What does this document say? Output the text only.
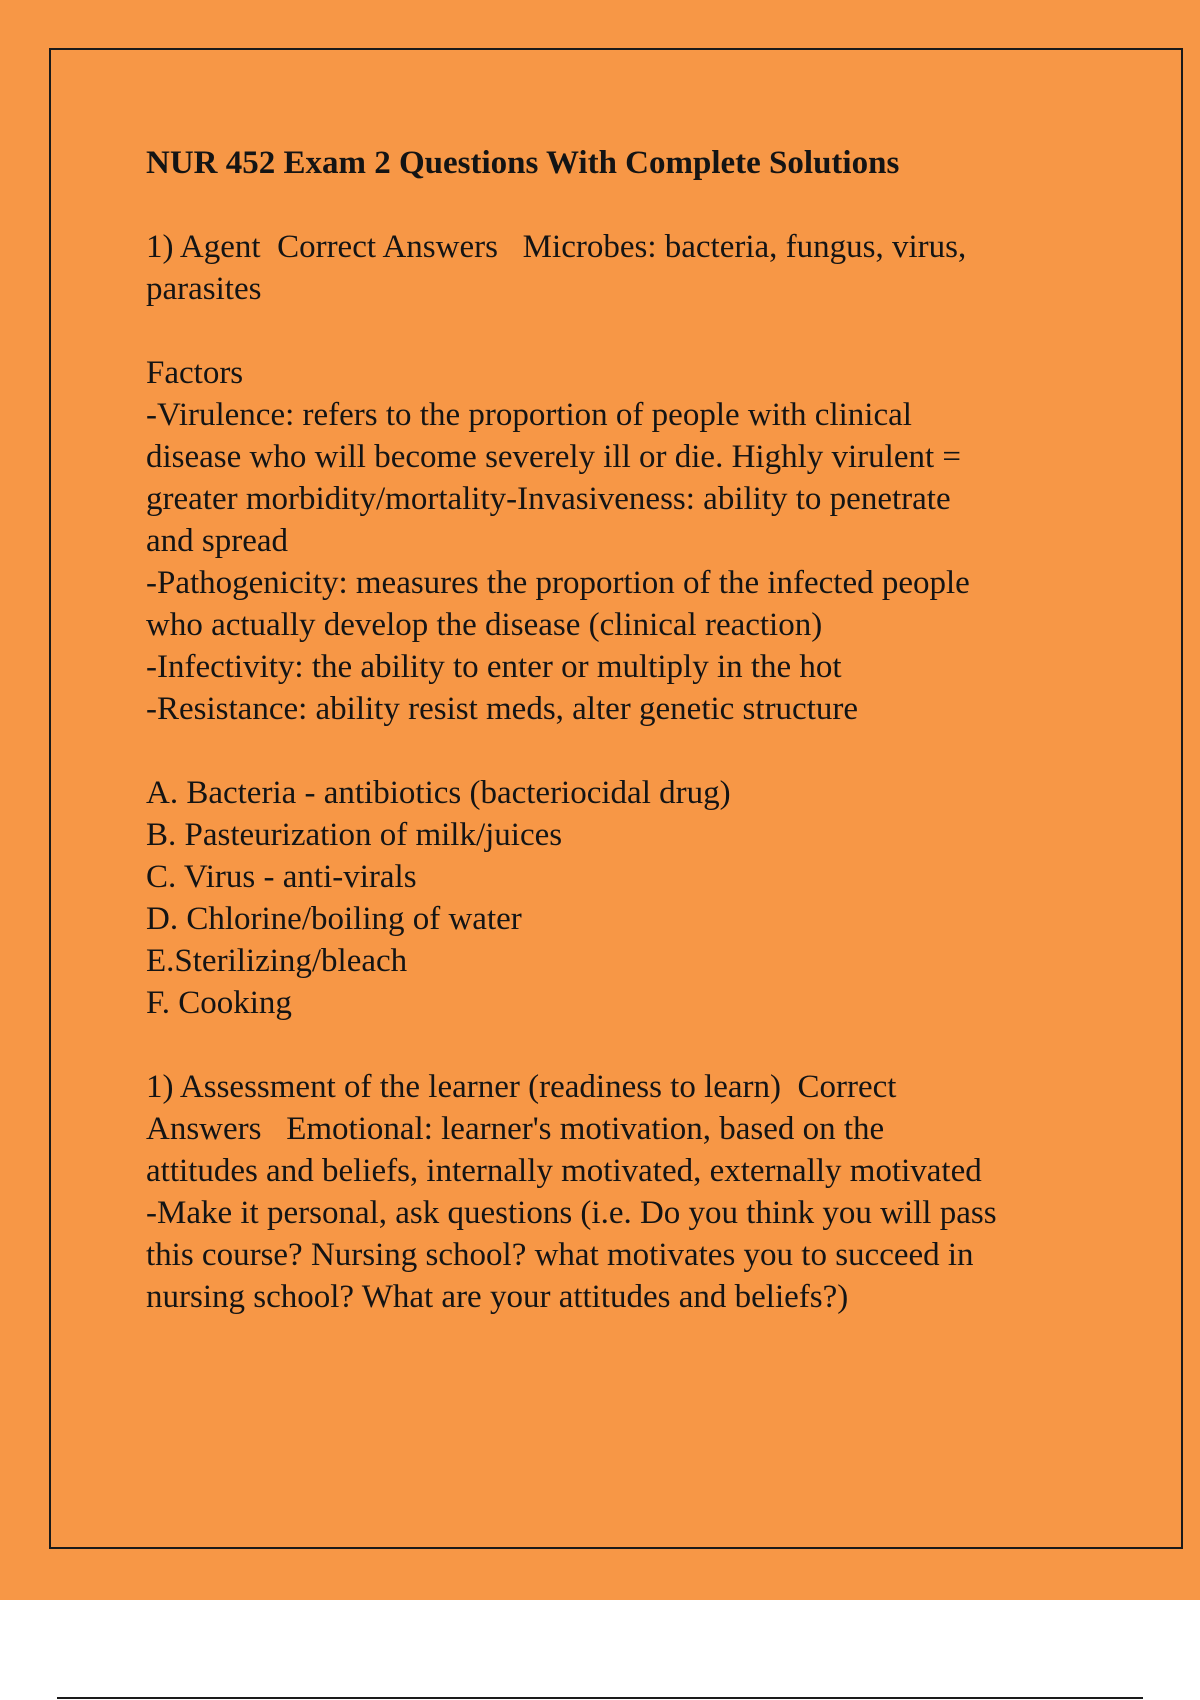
NUR 452 Exam 2 Questions With Complete Solutions
1) Agent  Correct Answers   Microbes: bacteria, fungus, virus,
parasites
Factors
-Virulence: refers to the proportion of people with clinical
disease who will become severely ill or die. Highly virulent =
greater morbidity/mortality-Invasiveness: ability to penetrate
and spread
-Pathogenicity: measures the proportion of the infected people
who actually develop the disease (clinical reaction)
-Infectivity: the ability to enter or multiply in the hot
-Resistance: ability resist meds, alter genetic structure
A. Bacteria - antibiotics (bacteriocidal drug)
B. Pasteurization of milk/juices
C. Virus - anti-virals
D. Chlorine/boiling of water
E.Sterilizing/bleach
F. Cooking
1) Assessment of the learner (readiness to learn)  Correct
Answers   Emotional: learner's motivation, based on the
attitudes and beliefs, internally motivated, externally motivated
-Make it personal, ask questions (i.e. Do you think you will pass
this course? Nursing school? what motivates you to succeed in
nursing school? What are your attitudes and beliefs?)
